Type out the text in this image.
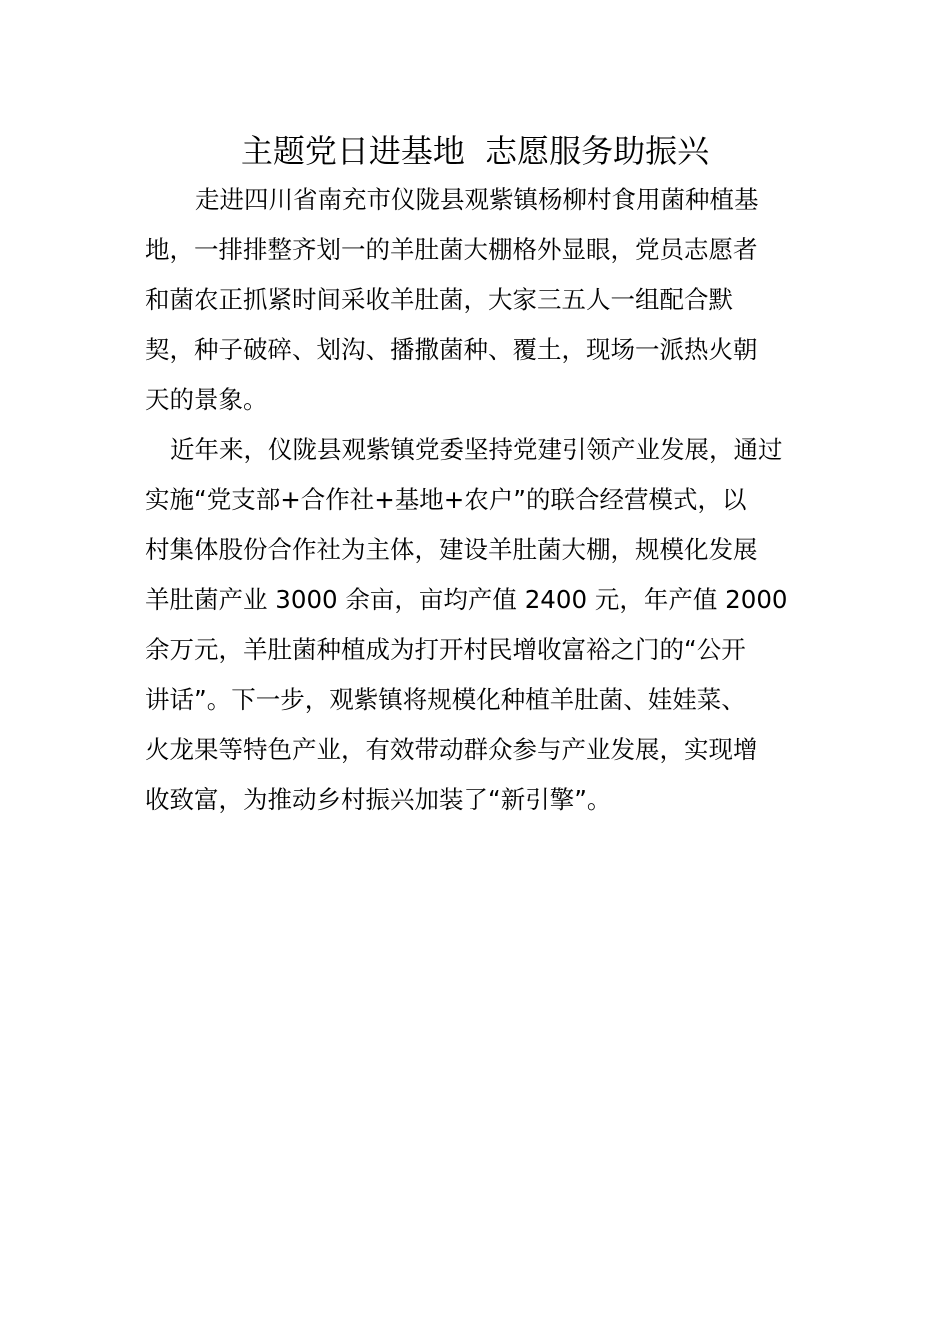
主题党日进基地  志愿服务助振兴

走进四川省南充市仪陇县观紫镇杨柳村食用菌种植基

地，一排排整齐划一的羊肚菌大棚格外显眼，党员志愿者

和菌农正抓紧时间采收羊肚菌，大家三五人一组配合默

契，种子破碎、划沟、播撒菌种、覆土，现场一派热火朝

天的景象。

近年来，仪陇县观紫镇党委坚持党建引领产业发展，通过

实施“党支部+合作社+基地+农户”的联合经营模式，以

村集体股份合作社为主体，建设羊肚菌大棚，规模化发展

羊肚菌产业 3000 余亩，亩均产值 2400 元，年产值 2000

余万元，羊肚菌种植成为打开村民增收富裕之门的“公开

讲话”。下一步，观紫镇将规模化种植羊肚菌、娃娃菜、

火龙果等特色产业，有效带动群众参与产业发展，实现增

收致富，为推动乡村振兴加装了“新引擎”。
